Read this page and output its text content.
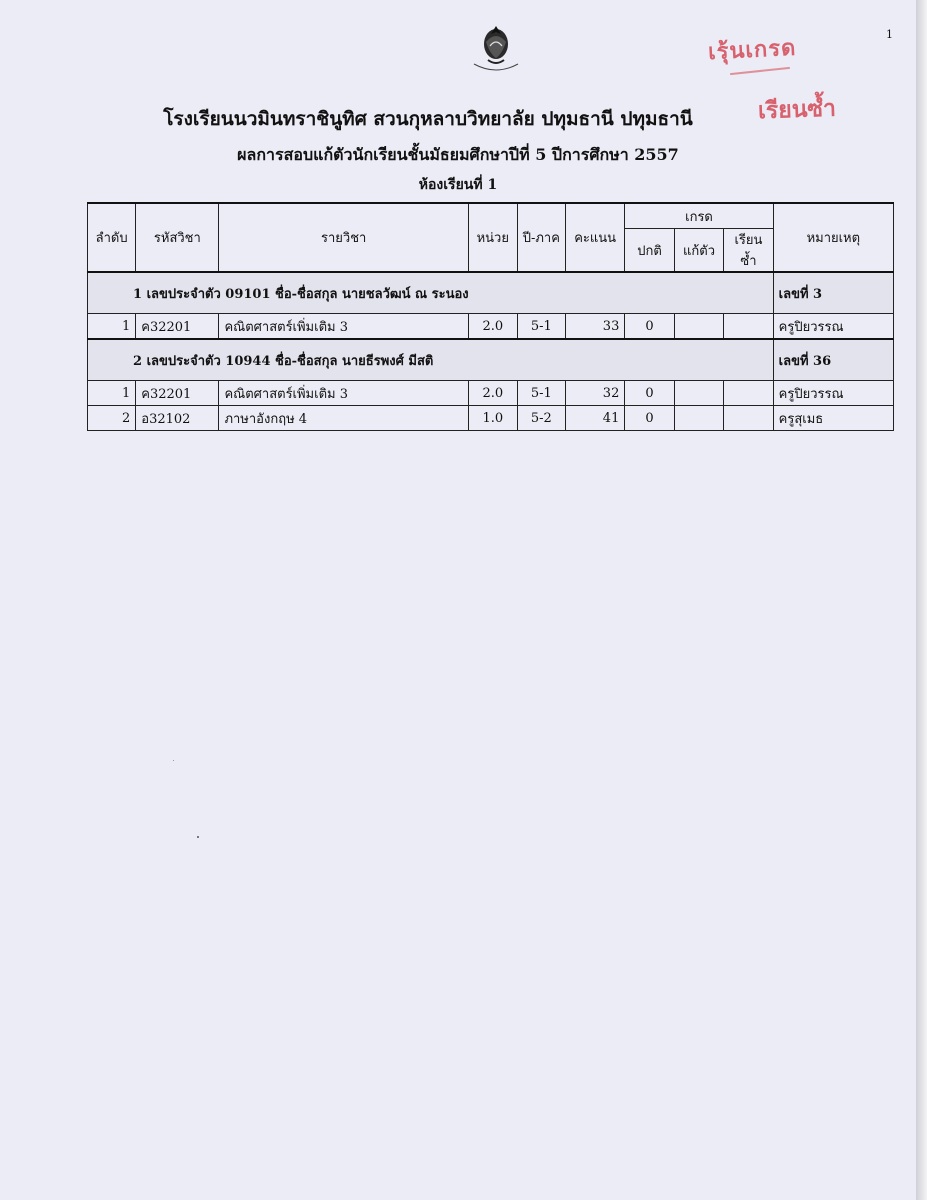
1
เรุ้นเกรด
เรียนซ้ำ
โรงเรียนนวมินทราชินูทิศ สวนกุหลาบวิทยาลัย ปทุมธานี ปทุมธานี
ผลการสอบแก้ตัวนักเรียนชั้นมัธยมศึกษาปีที่ 5 ปีการศึกษา 2557
ห้องเรียนที่ 1
ลำดับ	รหัสวิชา	รายวิชา	หน่วย	ปี-ภาค	คะแนน	เกรด			หมายเหตุ
						ปกติ	แก้ตัว	เรียนซ้ำ	
1 เลขประจำตัว 09101 ชื่อ-ชื่อสกุล นายชลวัฒน์ ณ ระนอง									เลขที่ 3
1	ค32201	คณิตศาสตร์เพิ่มเติม 3	2.0	5-1	33	0			ครูปิยวรรณ
2 เลขประจำตัว 10944 ชื่อ-ชื่อสกุล นายธีรพงศ์ มีสติ									เลขที่ 36
1	ค32201	คณิตศาสตร์เพิ่มเติม 3	2.0	5-1	32	0			ครูปิยวรรณ
2	อ32102	ภาษาอังกฤษ 4	1.0	5-2	41	0			ครูสุเมธ
